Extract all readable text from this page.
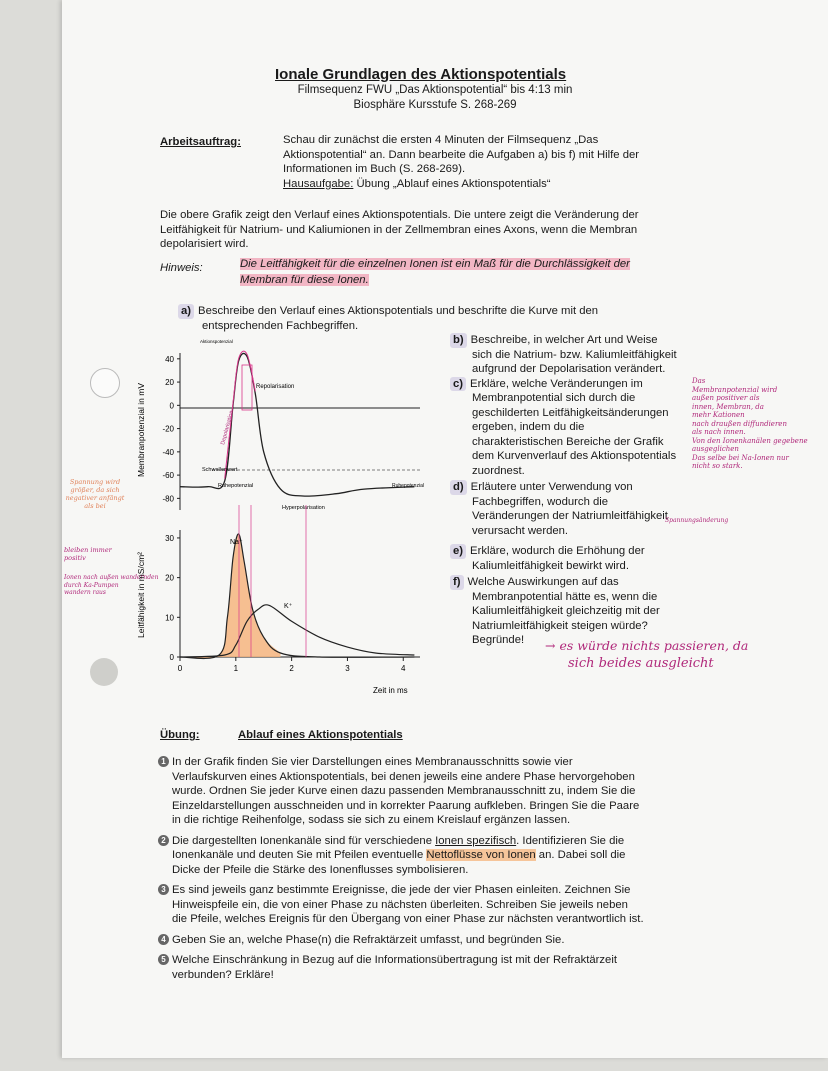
Ionale Grundlagen des Aktionspotentials
Filmsequenz FWU „Das Aktionspotential“ bis 4:13 min
Biosphäre Kursstufe S. 268-269
Arbeitsauftrag:	Schau dir zunächst die ersten 4 Minuten der Filmsequenz „Das
Aktionspotential“ an. Dann bearbeite die Aufgaben a) bis f) mit Hilfe der
Informationen im Buch (S. 268-269).
Hausaufgabe: Übung „Ablauf eines Aktionspotentials“
Die obere Grafik zeigt den Verlauf eines Aktionspotentials. Die untere zeigt die Veränderung der
Leitfähigkeit für Natrium- und Kaliumionen in der Zellmembran eines Axons, wenn die Membran
depolarisiert wird.
Hinweis:	Die Leitfähigkeit für die einzelnen Ionen ist ein Maß für die Durchlässigkeit der
Membran für diese Ionen.
a) Beschreibe den Verlauf eines Aktionspotentials und beschrifte die Kurve mit den
entsprechenden Fachbegriffen.
b) Beschreibe, in welcher Art und Weise
sich die Natrium- bzw. Kaliumleitfähigkeit
aufgrund der Depolarisation verändert.
c) Erkläre, welche Veränderungen im
Membranpotential sich durch die
geschilderten Leitfähigkeitsänderungen
ergeben, indem du die
charakteristischen Bereiche der Grafik
dem Kurvenverlauf des Aktionspotentials
zuordnest.
d) Erläutere unter Verwendung von
Fachbegriffen, wodurch die
Veränderungen der Natriumleitfähigkeit
verursacht werden.
e) Erkläre, wodurch die Erhöhung der
Kaliumleitfähigkeit bewirkt wird.
f) Welche Auswirkungen auf das
Membranpotential hätte es, wenn die
Kaliumleitfähigkeit gleichzeitig mit der
Natriumleitfähigkeit steigen würde?
Begründe!
Das
Membranpotenzial wird
außen positiver als
innen, Membran, da
mehr Kationen
nach draußen diffundieren
als nach innen.
Von den Ionenkanälen gegebene
ausgeglichen
Das selbe bei Na-Ionen nur
nicht so stark.
→ es würde nichts passieren, da
sich beides ausgleicht
Spannungsänderung
Spannung wird
größer, da sich
negativer anfängt
als bei
bleiben immer
positiv
Ionen nach außen wandernden
durch Ka-Pumpen
wandern raus
Membranpotenzial in mV
40
20
0
-20
-40
-60
-80
Aktionspotenzial
Repolarisation
Depolarisation
Schwellenwert
Ruhepotenzial	Ruhepotenzial
Hyperpolarisation
Leitfähigkeit in mS/cm²
30
20
10
0
0	1	2	3	4
Zeit in ms
Na⁺
K⁺
Übung:	Ablauf eines Aktionspotentials
1 In der Grafik finden Sie vier Darstellungen eines Membranausschnitts sowie vier
Verlaufskurven eines Aktionspotentials, bei denen jeweils eine andere Phase hervorgehoben
wurde. Ordnen Sie jeder Kurve einen dazu passenden Membranausschnitt zu, indem Sie die
Einzeldarstellungen ausschneiden und in korrekter Paarung aufkleben. Bringen Sie die Paare
in die richtige Reihenfolge, sodass sie sich zu einem Kreislauf ergänzen lassen.
2 Die dargestellten Ionenkanäle sind für verschiedene Ionen spezifisch. Identifizieren Sie die
Ionenkanäle und deuten Sie mit Pfeilen eventuelle Nettoflüsse von Ionen an. Dabei soll die
Dicke der Pfeile die Stärke des Ionenflusses symbolisieren.
3 Es sind jeweils ganz bestimmte Ereignisse, die jede der vier Phasen einleiten. Zeichnen Sie
Hinweispfeile ein, die von einer Phase zu nächsten überleiten. Schreiben Sie jeweils neben
die Pfeile, welches Ereignis für den Übergang von einer Phase zur nächsten verantwortlich ist.
4 Geben Sie an, welche Phase(n) die Refraktärzeit umfasst, und begründen Sie.
5 Welche Einschränkung in Bezug auf die Informationsübertragung ist mit der Refraktärzeit
verbunden? Erkläre!
